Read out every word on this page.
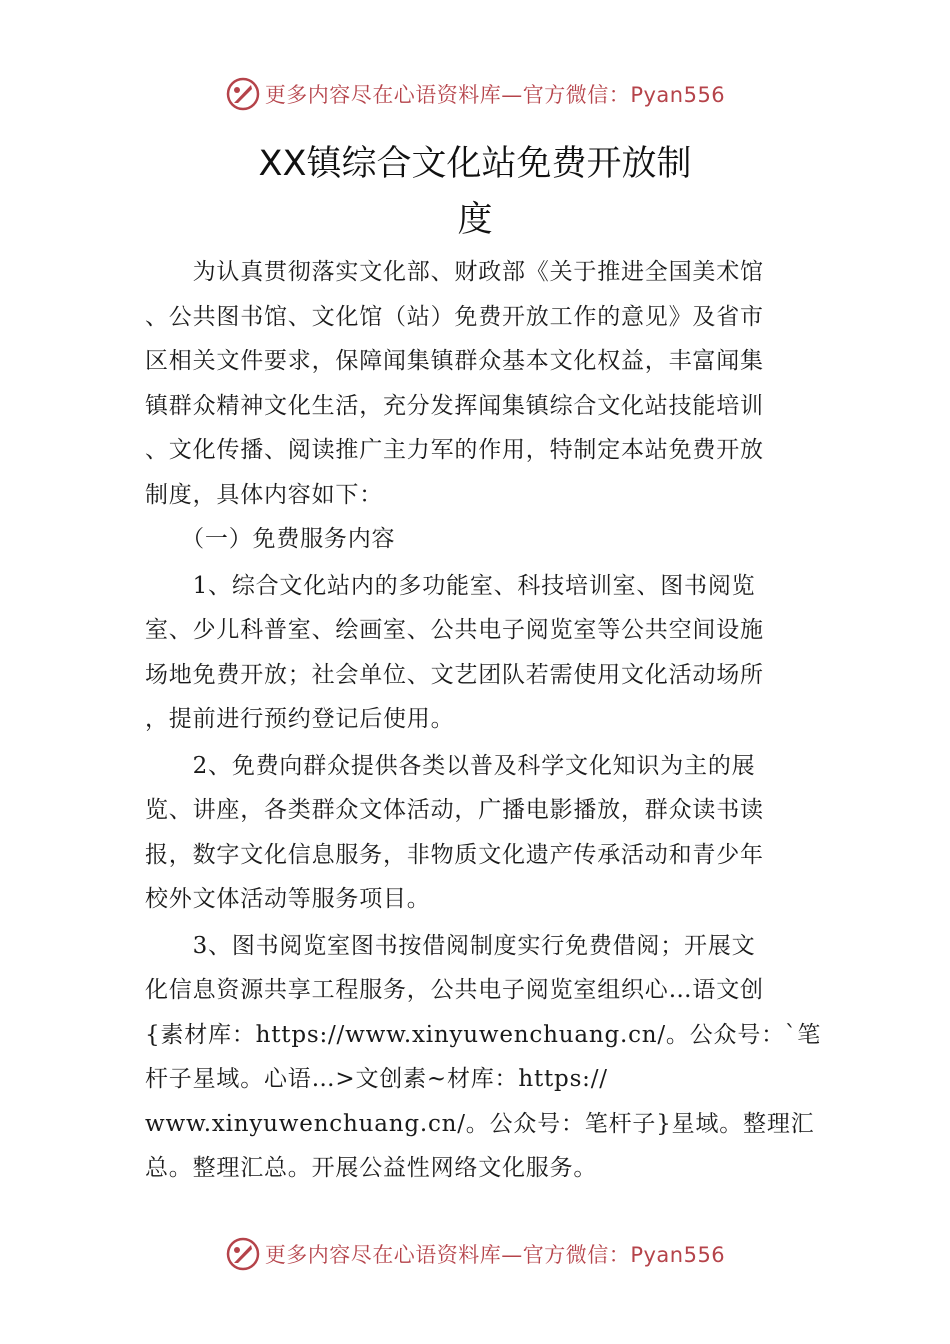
更多内容尽在心语资料库—官方微信：Pyan556
XX镇综合文化站免费开放制
度
　　为认真贯彻落实文化部、财政部《关于推进全国美术馆
、公共图书馆、文化馆（站）免费开放工作的意见》及省市
区相关文件要求，保障闻集镇群众基本文化权益，丰富闻集
镇群众精神文化生活，充分发挥闻集镇综合文化站技能培训
、文化传播、阅读推广主力军的作用，特制定本站免费开放
制度，具体内容如下：
　　（一）免费服务内容
　　1、综合文化站内的多功能室、科技培训室、图书阅览
室、少儿科普室、绘画室、公共电子阅览室等公共空间设施
场地免费开放；社会单位、文艺团队若需使用文化活动场所
，提前进行预约登记后使用。
　　2、免费向群众提供各类以普及科学文化知识为主的展
览、讲座，各类群众文体活动，广播电影播放，群众读书读
报，数字文化信息服务，非物质文化遗产传承活动和青少年
校外文体活动等服务项目。
　　3、图书阅览室图书按借阅制度实行免费借阅；开展文
化信息资源共享工程服务，公共电子阅览室组织心…语文创
{素材库：https://www.xinyuwenchuang.cn/。公众号：`笔
杆子星域。心语…>文创素~材库：https://
www.xinyuwenchuang.cn/。公众号：笔杆子}星域。整理汇
总。整理汇总。开展公益性网络文化服务。
更多内容尽在心语资料库—官方微信：Pyan556
